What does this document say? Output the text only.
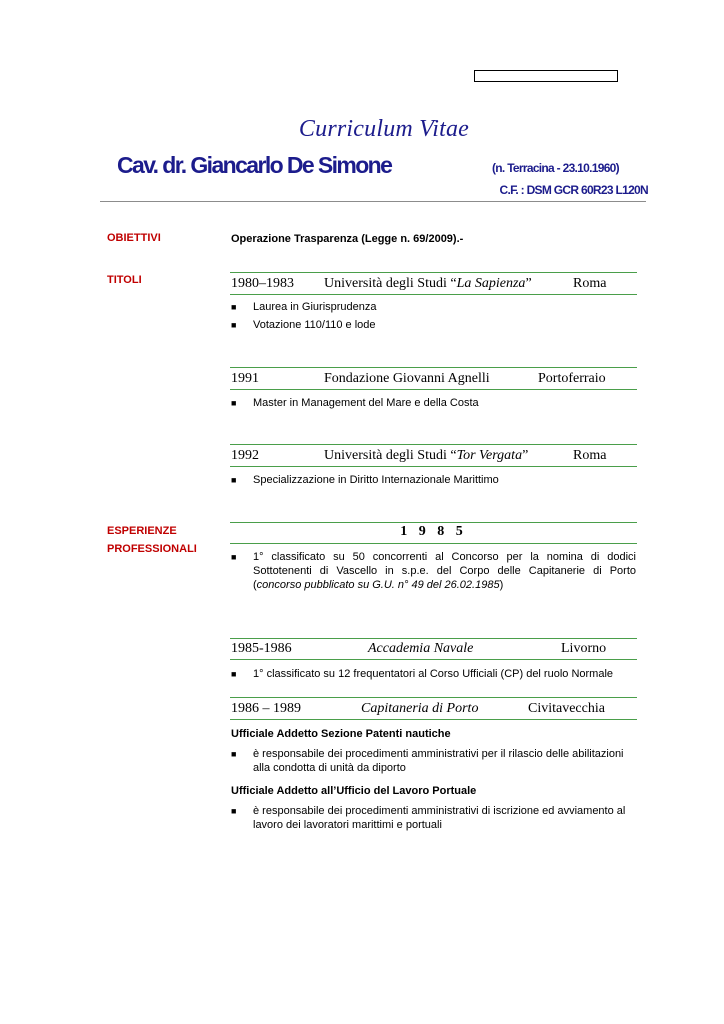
Curriculum Vitae
Cav. dr. Giancarlo De Simone	(n. Terracina - 23.10.1960)
C.F. : DSM GCR 60R23 L120N
OBIETTIVI	Operazione Trasparenza (Legge n. 69/2009).-
TITOLI	1980–1983 Università degli Studi “La Sapienza”	Roma
■ Laurea in Giurisprudenza
■ Votazione 110/110 e lode
1991	Fondazione Giovanni Agnelli	Portoferraio
■ Master in Management del Mare e della Costa
1992	Università degli Studi “Tor Vergata”	Roma
■ Specializzazione in Diritto Internazionale Marittimo
ESPERIENZE
PROFESSIONALI
1 9 8 5
■ 1° classificato su 50 concorrenti al Concorso per la nomina di dodici Sottotenenti di Vascello in s.p.e. del Corpo delle Capitanerie di Porto (concorso pubblicato su G.U. n° 49 del 26.02.1985)
1985-1986	Accademia Navale	Livorno
■ 1° classificato su 12 frequentatori al Corso Ufficiali (CP) del ruolo Normale
1986 – 1989	Capitaneria di Porto	Civitavecchia
Ufficiale Addetto Sezione Patenti nautiche
■ è responsabile dei procedimenti amministrativi per il rilascio delle abilitazioni alla condotta di unità da diporto
Ufficiale Addetto all’Ufficio del Lavoro Portuale
■ è responsabile dei procedimenti amministrativi di iscrizione ed avviamento al lavoro dei lavoratori marittimi e portuali
